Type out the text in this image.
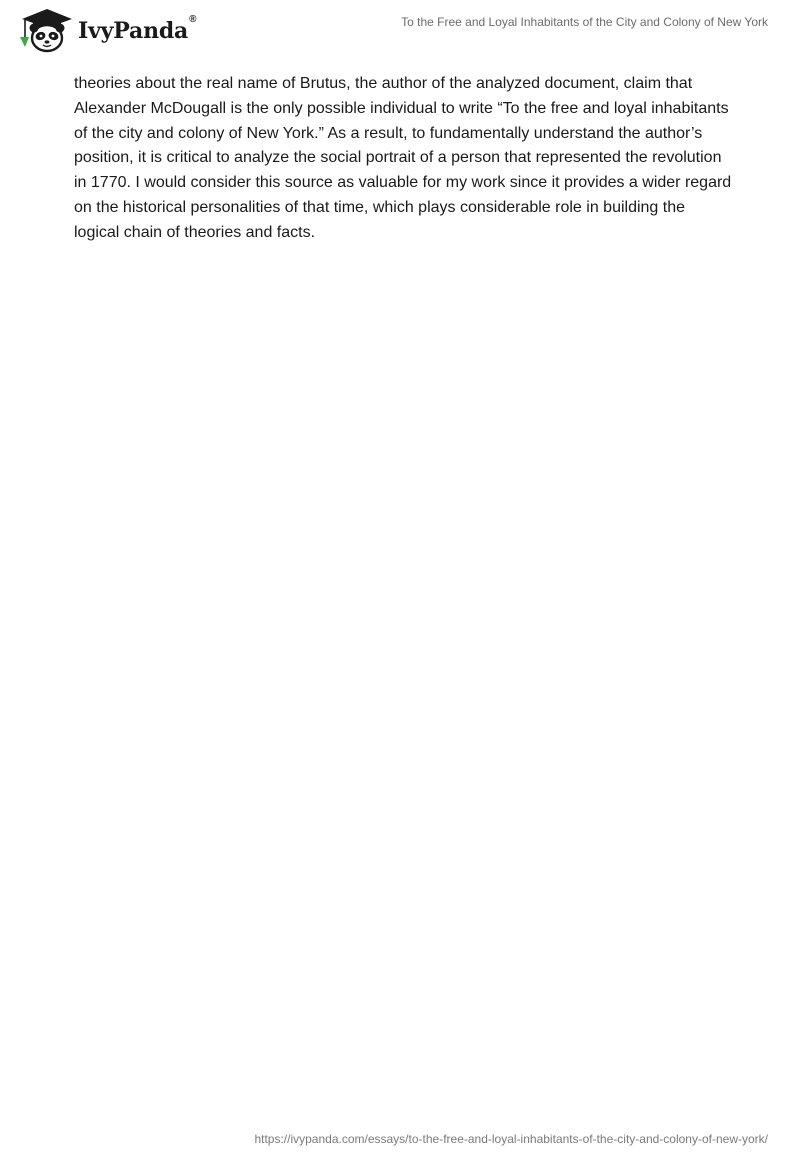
IvyPanda ®	To the Free and Loyal Inhabitants of the City and Colony of New York

theories about the real name of Brutus, the author of the analyzed document, claim that Alexander McDougall is the only possible individual to write “To the free and loyal inhabitants of the city and colony of New York.” As a result, to fundamentally understand the author’s position, it is critical to analyze the social portrait of a person that represented the revolution in 1770. I would consider this source as valuable for my work since it provides a wider regard on the historical personalities of that time, which plays considerable role in building the logical chain of theories and facts.

https://ivypanda.com/essays/to-the-free-and-loyal-inhabitants-of-the-city-and-colony-of-new-york/
